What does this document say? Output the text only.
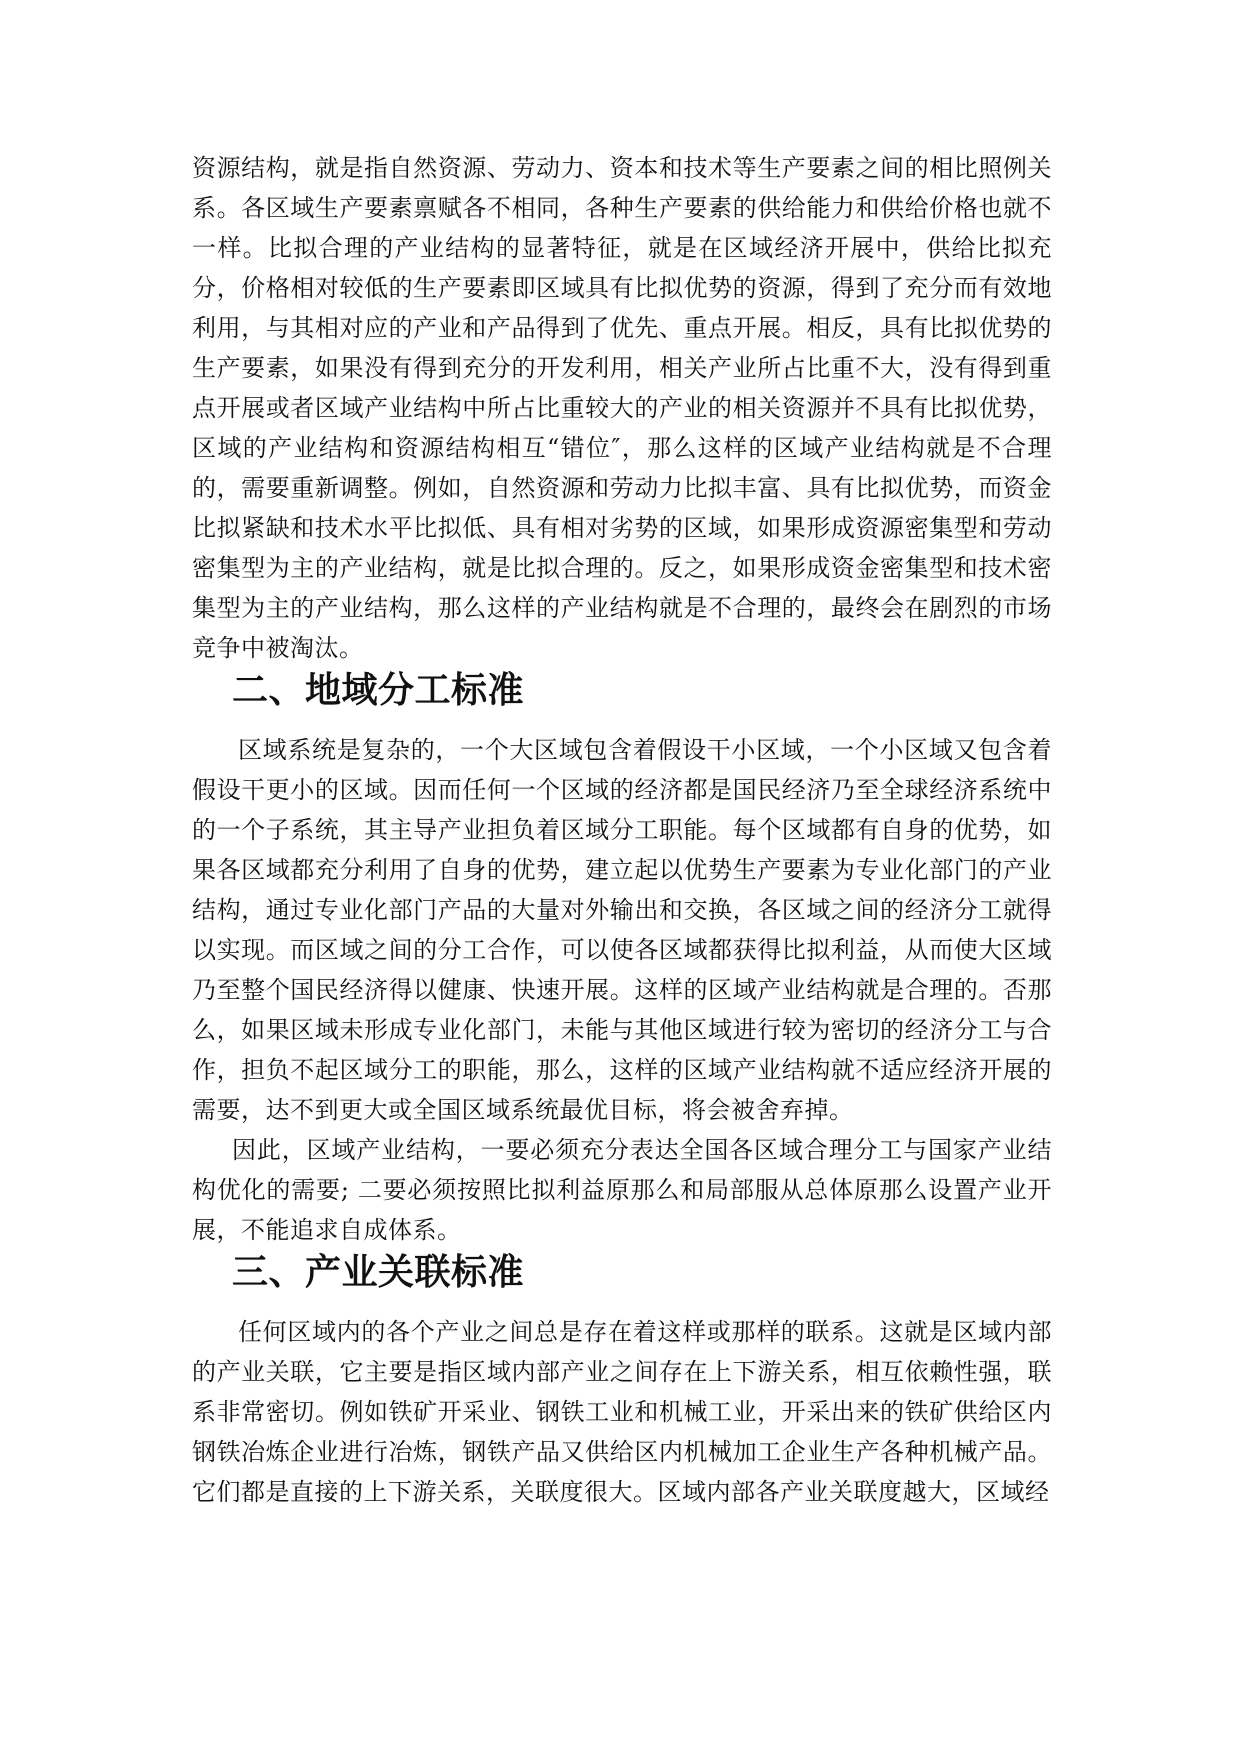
资源结构，就是指自然资源、劳动力、资本和技术等生产要素之间的相比照例关系。各区域生产要素禀赋各不相同，各种生产要素的供给能力和供给价格也就不一样。比拟合理的产业结构的显著特征，就是在区域经济开展中，供给比拟充分，价格相对较低的生产要素即区域具有比拟优势的资源，得到了充分而有效地利用，与其相对应的产业和产品得到了优先、重点开展。相反，具有比拟优势的生产要素，如果没有得到充分的开发利用，相关产业所占比重不大，没有得到重点开展或者区域产业结构中所占比重较大的产业的相关资源并不具有比拟优势，区域的产业结构和资源结构相互“错位″，那么这样的区域产业结构就是不合理的，需要重新调整。例如，自然资源和劳动力比拟丰富、具有比拟优势，而资金比拟紧缺和技术水平比拟低、具有相对劣势的区域，如果形成资源密集型和劳动密集型为主的产业结构，就是比拟合理的。反之，如果形成资金密集型和技术密集型为主的产业结构，那么这样的产业结构就是不合理的，最终会在剧烈的市场竞争中被淘汰。

二、地域分工标准

区域系统是复杂的，一个大区域包含着假设干小区域，一个小区域又包含着假设干更小的区域。因而任何一个区域的经济都是国民经济乃至全球经济系统中的一个子系统，其主导产业担负着区域分工职能。每个区域都有自身的优势，如果各区域都充分利用了自身的优势，建立起以优势生产要素为专业化部门的产业结构，通过专业化部门产品的大量对外输出和交换，各区域之间的经济分工就得以实现。而区域之间的分工合作，可以使各区域都获得比拟利益，从而使大区域乃至整个国民经济得以健康、快速开展。这样的区域产业结构就是合理的。否那么，如果区域未形成专业化部门，未能与其他区域进行较为密切的经济分工与合作，担负不起区域分工的职能，那么，这样的区域产业结构就不适应经济开展的需要，达不到更大或全国区域系统最优目标，将会被舍弃掉。

因此，区域产业结构，一要必须充分表达全国各区域合理分工与国家产业结构优化的需要; 二要必须按照比拟利益原那么和局部服从总体原那么设置产业开展，不能追求自成体系。

三、产业关联标准

任何区域内的各个产业之间总是存在着这样或那样的联系。这就是区域内部的产业关联，它主要是指区域内部产业之间存在上下游关系，相互依赖性强，联系非常密切。例如铁矿开采业、钢铁工业和机械工业，开采出来的铁矿供给区内钢铁冶炼企业进行冶炼，钢铁产品又供给区内机械加工企业生产各种机械产品。它们都是直接的上下游关系，关联度很大。区域内部各产业关联度越大，区域经
